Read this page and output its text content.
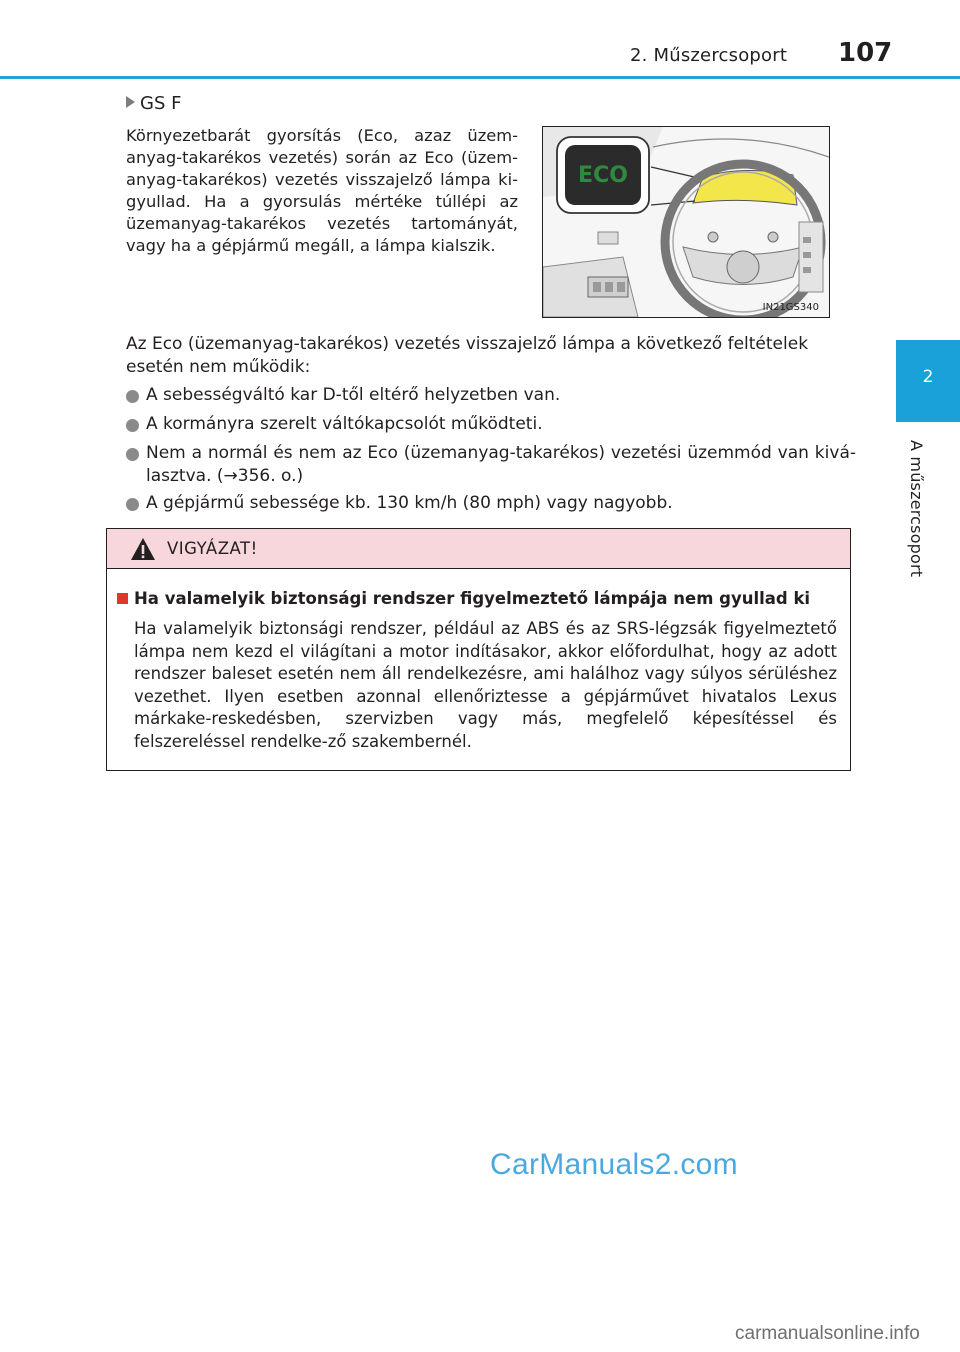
2. Műszercsoport 107
2
A műszercsoport
GS F
Környezetbarát gyorsítás (Eco, azaz üzem-anyag-takarékos vezetés) során az Eco (üzem-anyag-takarékos) vezetés visszajelző lámpa ki-gyullad. Ha a gyorsulás mértéke túllépi az üzemanyag-takarékos vezetés tartományát, vagy ha a gépjármű megáll, a lámpa kialszik.
ECO
IN21GS340
Az Eco (üzemanyag-takarékos) vezetés visszajelző lámpa a következő feltételek esetén nem működik:
A sebességváltó kar D-től eltérő helyzetben van.
A kormányra szerelt váltókapcsolót működteti.
Nem a normál és nem az Eco (üzemanyag-takarékos) vezetési üzemmód van kivá-lasztva. (→356. o.)
A gépjármű sebessége kb. 130 km/h (80 mph) vagy nagyobb.
VIGYÁZAT!
Ha valamelyik biztonsági rendszer figyelmeztető lámpája nem gyullad ki
Ha valamelyik biztonsági rendszer, például az ABS és az SRS-légzsák figyelmeztető lámpa nem kezd el világítani a motor indításakor, akkor előfordulhat, hogy az adott rendszer baleset esetén nem áll rendelkezésre, ami halálhoz vagy súlyos sérüléshez vezethet. Ilyen esetben azonnal ellenőriztesse a gépjárművet hivatalos Lexus márkake-reskedésben, szervizben vagy más, megfelelő képesítéssel és felszereléssel rendelke-ző szakembernél.
CarManuals2.com
carmanualsonline.info
